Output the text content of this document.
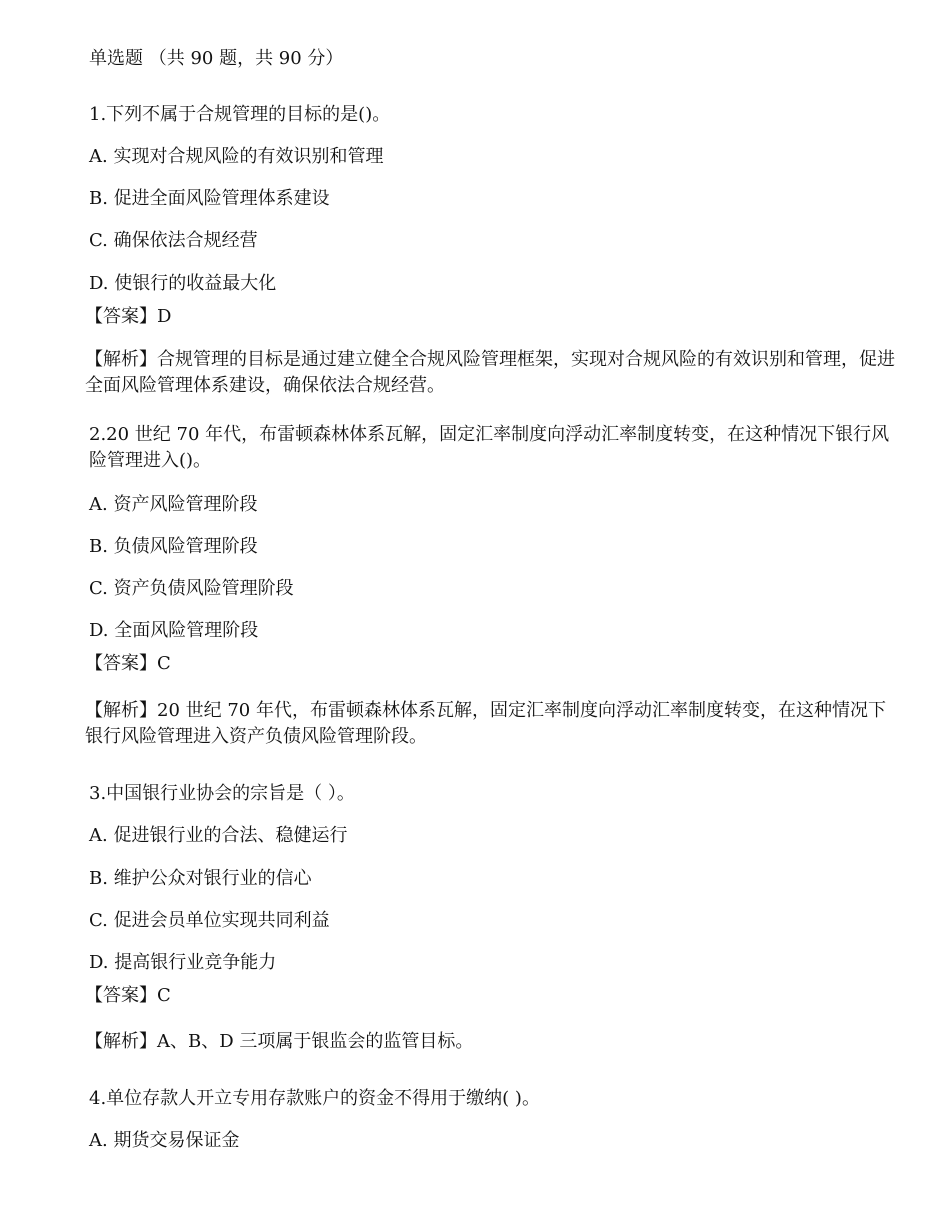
单选题 （共 90 题，共 90 分）
1.下列不属于合规管理的目标的是()。
A. 实现对合规风险的有效识别和管理
B. 促进全面风险管理体系建设
C. 确保依法合规经营
D. 使银行的收益最大化
【答案】D
【解析】合规管理的目标是通过建立健全合规风险管理框架，实现对合规风险的有效识别和管理，促进全面风险管理体系建设，确保依法合规经营。
2.20 世纪 70 年代，布雷顿森林体系瓦解，固定汇率制度向浮动汇率制度转变，在这种情况下银行风险管理进入()。
A. 资产风险管理阶段
B. 负债风险管理阶段
C. 资产负债风险管理阶段
D. 全面风险管理阶段
【答案】C
【解析】20 世纪 70 年代，布雷顿森林体系瓦解，固定汇率制度向浮动汇率制度转变，在这种情况下银行风险管理进入资产负债风险管理阶段。
3.中国银行业协会的宗旨是（ ）。
A. 促进银行业的合法、稳健运行
B. 维护公众对银行业的信心
C. 促进会员单位实现共同利益
D. 提高银行业竞争能力
【答案】C
【解析】A、B、D 三项属于银监会的监管目标。
4.单位存款人开立专用存款账户的资金不得用于缴纳( )。
A. 期货交易保证金
